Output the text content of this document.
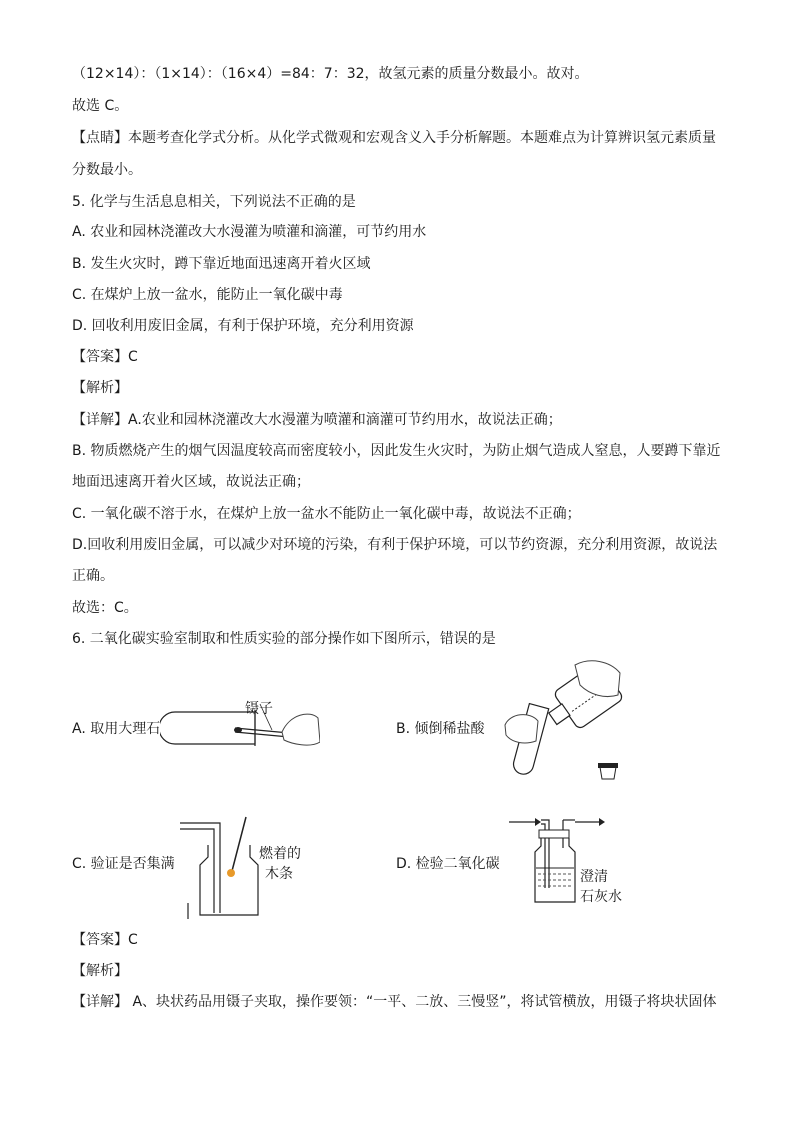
（12×14）：（1×14）：（16×4）=84：7：32，故氢元素的质量分数最小。故对。
故选 C。
【点睛】本题考查化学式分析。从化学式微观和宏观含义入手分析解题。本题难点为计算辨识氢元素质量
分数最小。
5. 化学与生活息息相关，下列说法不正确的是
A. 农业和园林浇灌改大水漫灌为喷灌和滴灌，可节约用水
B. 发生火灾时，蹲下靠近地面迅速离开着火区域
C. 在煤炉上放一盆水，能防止一氧化碳中毒
D. 回收利用废旧金属，有利于保护环境，充分利用资源
【答案】C
【解析】
【详解】A.农业和园林浇灌改大水漫灌为喷灌和滴灌可节约用水，故说法正确；
B. 物质燃烧产生的烟气因温度较高而密度较小，因此发生火灾时，为防止烟气造成人窒息，人要蹲下靠近
地面迅速离开着火区域，故说法正确；
C. 一氧化碳不溶于水，在煤炉上放一盆水不能防止一氧化碳中毒，故说法不正确；
D.回收利用废旧金属，可以减少对环境的污染，有利于保护环境，可以节约资源，充分利用资源，故说法
正确。
故选：C。
6. 二氧化碳实验室制取和性质实验的部分操作如下图所示，错误的是
A. 取用大理石
镊子
B. 倾倒稀盐酸
C. 验证是否集满
燃着的
木条
D. 检验二氧化碳
澄清
石灰水
【答案】C
【解析】
【详解】 A、块状药品用镊子夹取，操作要领：“一平、二放、三慢竖”，将试管横放，用镊子将块状固体
